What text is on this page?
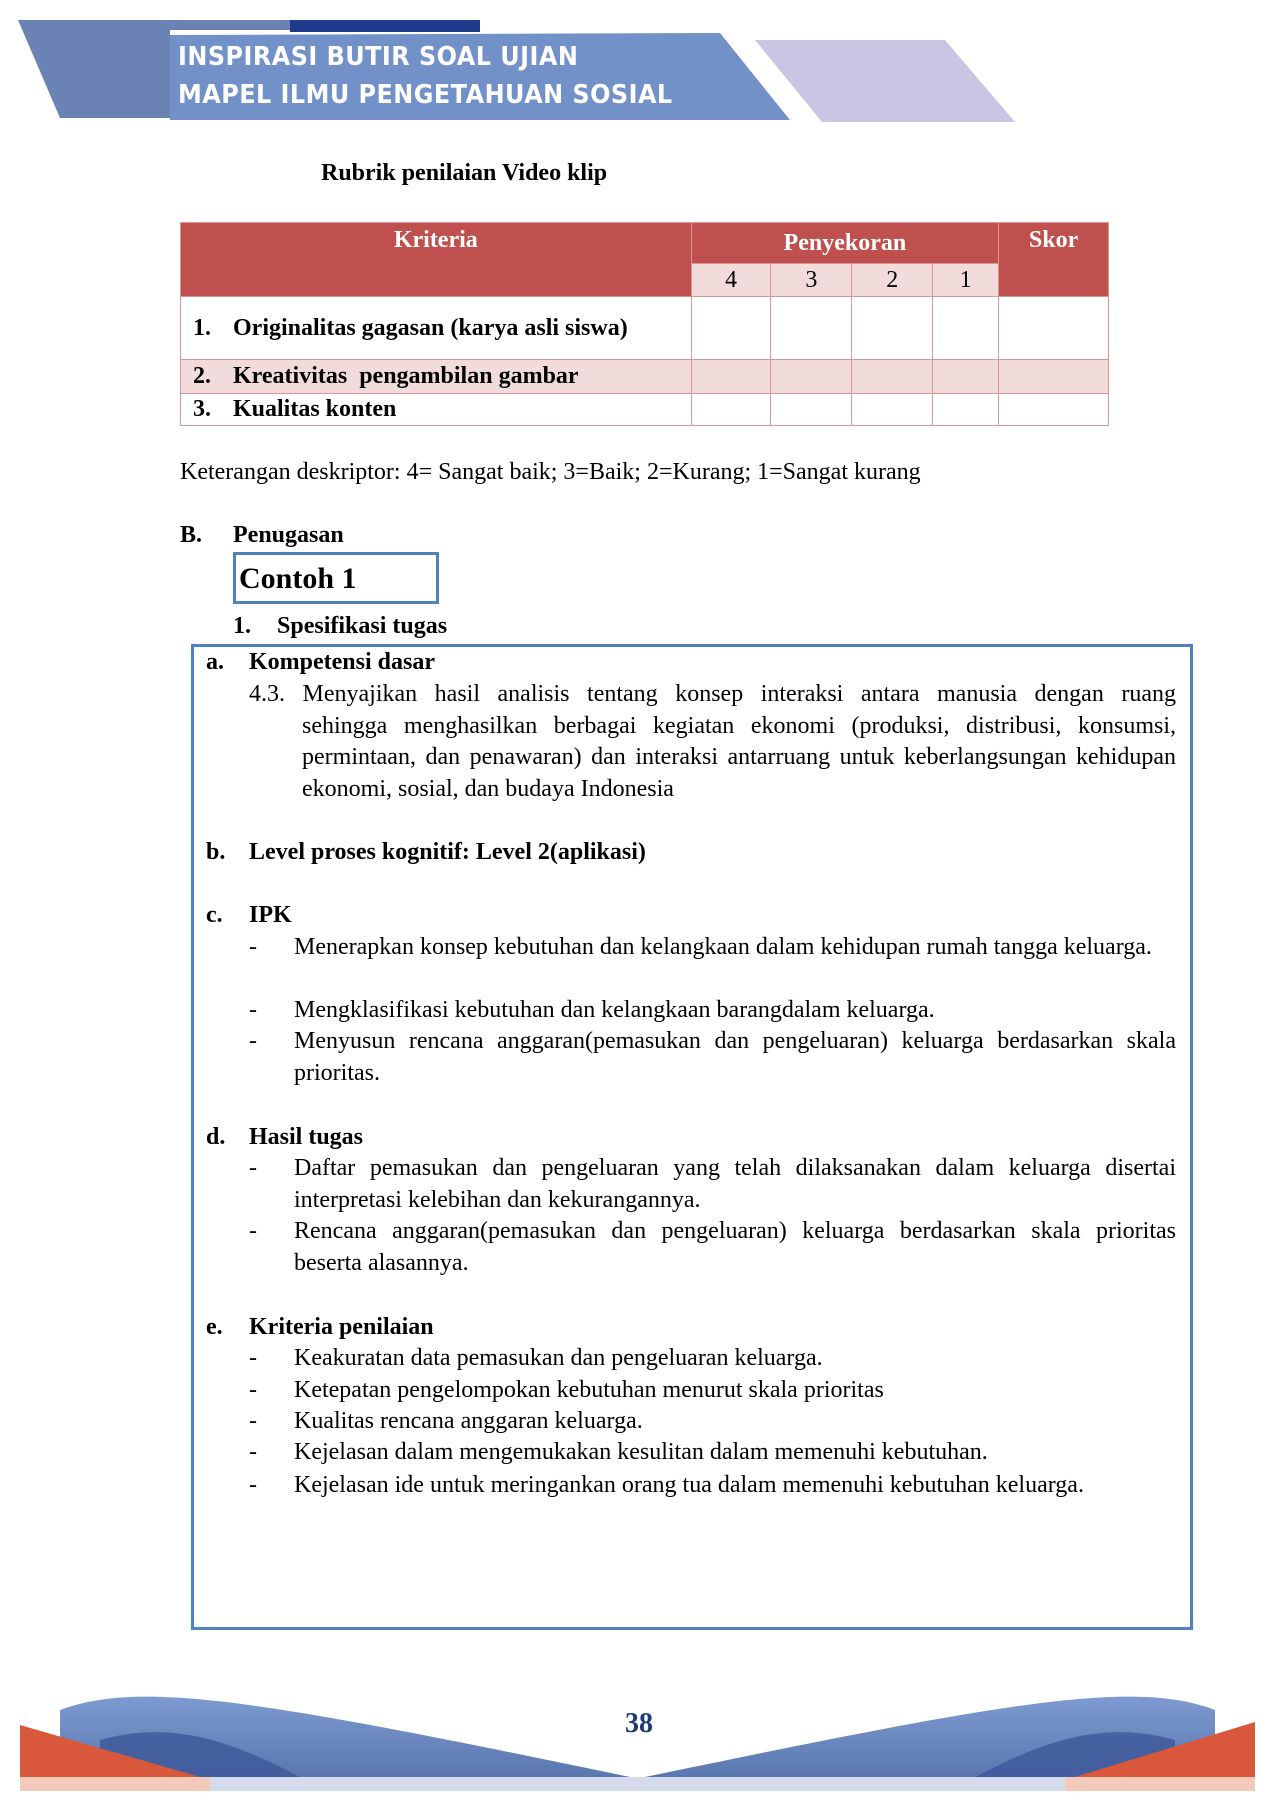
INSPIRASI BUTIR SOAL UJIAN
MAPEL ILMU PENGETAHUAN SOSIAL
Rubrik penilaian Video klip
Kriteria	Penyekoran				Skor
	4	3	2	1	

1. Originalitas gagasan (karya asli siswa)					

2. Kreativitas  pengambilan gambar					
3. Kualitas konten					
Keterangan deskriptor: 4= Sangat baik; 3=Baik; 2=Kurang; 1=Sangat kurang
B. Penugasan
Contoh 1
1. Spesifikasi tugas
a. Kompetensi dasar
4.3. Menyajikan hasil analisis tentang konsep interaksi antara manusia dengan ruang
sehingga menghasilkan berbagai kegiatan ekonomi (produksi, distribusi, konsumsi, permintaan, dan penawaran) dan interaksi antarruang untuk keberlangsungan kehidupan ekonomi, sosial, dan budaya Indonesia
b. Level proses kognitif: Level 2(aplikasi)
c. IPK
- Menerapkan konsep kebutuhan dan kelangkaan dalam kehidupan rumah tangga keluarga.
- Mengklasifikasi kebutuhan dan kelangkaan barangdalam keluarga.
- Menyusun rencana anggaran(pemasukan dan pengeluaran) keluarga berdasarkan skala prioritas.
d. Hasil tugas
- Daftar pemasukan dan pengeluaran yang telah dilaksanakan dalam keluarga disertai interpretasi kelebihan dan kekurangannya.
- Rencana anggaran(pemasukan dan pengeluaran) keluarga berdasarkan skala prioritas beserta alasannya.
e. Kriteria penilaian
- Keakuratan data pemasukan dan pengeluaran keluarga.
- Ketepatan pengelompokan kebutuhan menurut skala prioritas
- Kualitas rencana anggaran keluarga.
- Kejelasan dalam mengemukakan kesulitan dalam memenuhi kebutuhan.
- Kejelasan ide untuk meringankan orang tua dalam memenuhi kebutuhan keluarga.
38
